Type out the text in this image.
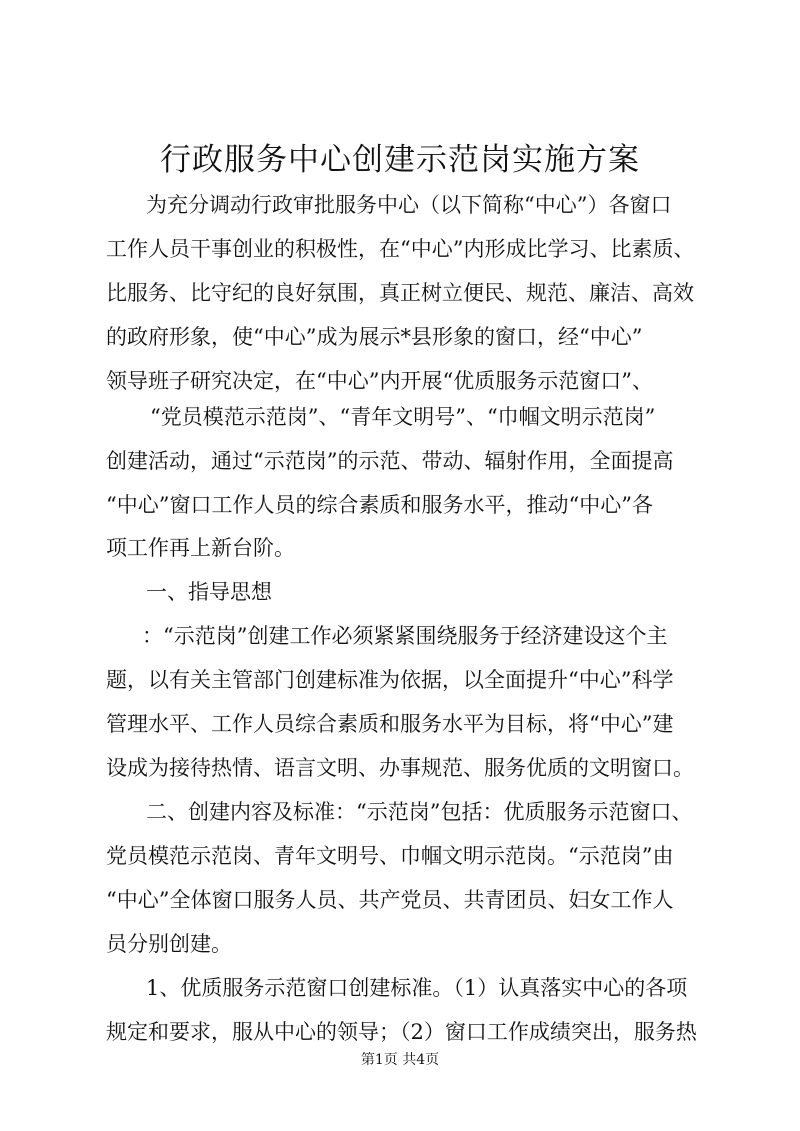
行政服务中心创建示范岗实施方案

为充分调动行政审批服务中心（以下简称“中心”）各窗口

工作人员干事创业的积极性，在“中心”内形成比学习、比素质、

比服务、比守纪的良好氛围，真正树立便民、规范、廉洁、高效

的政府形象，使“中心”成为展示*县形象的窗口，经“中心”

领导班子研究决定，在“中心”内开展“优质服务示范窗口”、

“党员模范示范岗”、“青年文明号”、“巾帼文明示范岗”

创建活动，通过“示范岗”的示范、带动、辐射作用，全面提高

“中心”窗口工作人员的综合素质和服务水平，推动“中心”各

项工作再上新台阶。

一、指导思想

：“示范岗”创建工作必须紧紧围绕服务于经济建设这个主

题，以有关主管部门创建标准为依据，以全面提升“中心”科学

管理水平、工作人员综合素质和服务水平为目标，将“中心”建

设成为接待热情、语言文明、办事规范、服务优质的文明窗口。

二、创建内容及标准：“示范岗”包括：优质服务示范窗口、

党员模范示范岗、青年文明号、巾帼文明示范岗。“示范岗”由

“中心”全体窗口服务人员、共产党员、共青团员、妇女工作人

员分别创建。

1、优质服务示范窗口创建标准。（1）认真落实中心的各项

规定和要求，服从中心的领导；（2）窗口工作成绩突出，服务热

第1页 共4页
